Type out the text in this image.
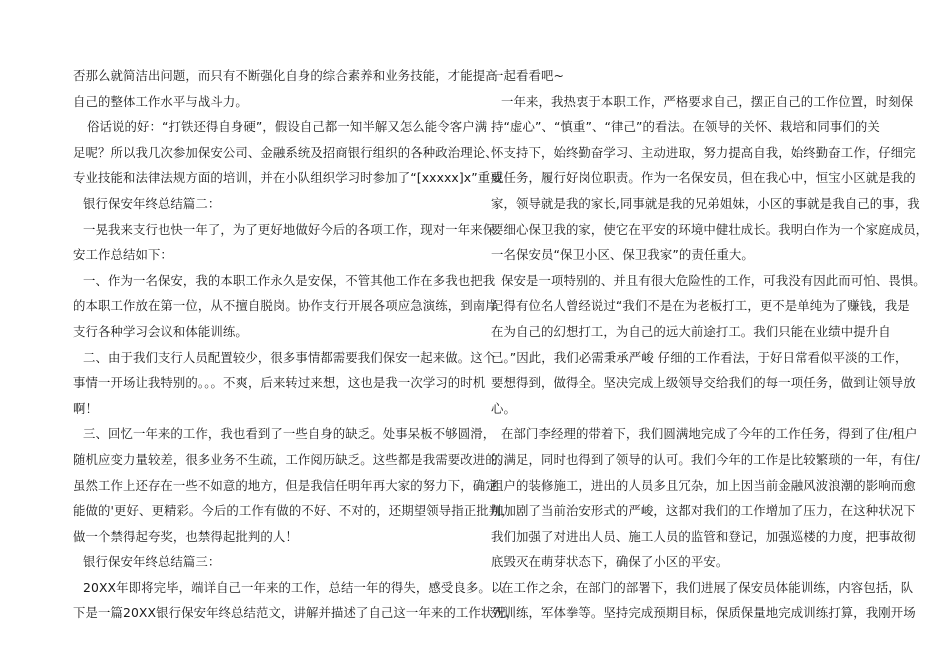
否那么就简洁出问题，而只有不断强化自身的综合素养和业务技能，才能提高
自己的整体工作水平与战斗力。
俗话说的好：“打铁还得自身硬”，假设自己都一知半解又怎么能令客户满
足呢？所以我几次参加保安公司、金融系统及招商银行组织的各种政治理论、
专业技能和法律法规方面的培训，并在小队组织学习时参加了“[xxxxx]x”重要
银行保安年终总结篇二：
一晃我来支行也快一年了，为了更好地做好今后的各项工作，现对一年来保
安工作总结如下：
一、作为一名保安，我的本职工作永久是安保，不管其他工作在多我也把我
的本职工作放在第一位，从不擅自脱岗。协作支行开展各项应急演练，到南岸
支行各种学习会议和体能训练。
二、由于我们支行人员配置较少，很多事情都需要我们保安一起来做。这个
事情一开场让我特别的。。。不爽，后来转过来想，这也是我一次学习的时机
啊！
三、回忆一年来的工作，我也看到了一些自身的缺乏。处事呆板不够圆滑，
随机应变力量较差，很多业务不生疏，工作阅历缺乏。这些都是我需要改进的。
虽然工作上还存在一些不如意的地方，但是我信任明年再大家的努力下，确定
能做的'更好、更精彩。今后的工作有做的不好、不对的，还期望领导指正批判，
做一个禁得起夸奖，也禁得起批判的人！
银行保安年终总结篇三：
20XX年即将完毕，端详自己一年来的工作，总结一年的得失，感受良多。以
下是一篇20XX银行保安年终总结范文，讲解并描述了自己这一年来的工作状况，
一起看看吧~
一年来，我热衷于本职工作，严格要求自己，摆正自己的工作位置，时刻保
持“虚心”、“慎重”、“律己”的看法。在领导的关怀、栽培和同事们的关
怀支持下，始终勤奋学习、主动进取，努力提高自我，始终勤奋工作，仔细完
成任务，履行好岗位职责。作为一名保安员，但在我心中，恒宝小区就是我的
家，领导就是我的家长,同事就是我的兄弟姐妹，小区的事就是我自己的事，我
要细心保卫我的家，使它在平安的环境中健壮成长。我明白作为一个家庭成员，
一名保安员“保卫小区、保卫我家”的责任重大。
保安是一项特别的、并且有很大危险性的工作，可我没有因此而可怕、畏惧。
记得有位名人曾经说过“我们不是在为老板打工，更不是单纯为了赚钱，我是
在为自己的幻想打工，为自己的远大前途打工。我们只能在业绩中提升自
己。”因此，我们必需秉承严峻 仔细的工作看法，于好日常看似平淡的工作，
要想得到，做得全。坚决完成上级领导交给我们的每一项任务，做到让领导放
心。
在部门李经理的带着下，我们圆满地完成了今年的工作任务，得到了住/租户
的满足，同时也得到了领导的认可。我们今年的工作是比较繁琐的一年，有住/
租户的装修施工，进出的人员多且冗杂，加上因当前金融风波浪潮的影响而愈
加加剧了当前治安形式的严峻，这都对我们的工作增加了压力，在这种状况下
我们加强了对进出人员、施工人员的监管和登记，加强巡楼的力度，把事故彻
底毁灭在萌芽状态下，确保了小区的平安。
在工作之余，在部门的部署下，我们进展了保安员体能训练，内容包括，队
列训练，军体拳等。坚持完成预期目标，保质保量地完成训练打算，我刚开场
